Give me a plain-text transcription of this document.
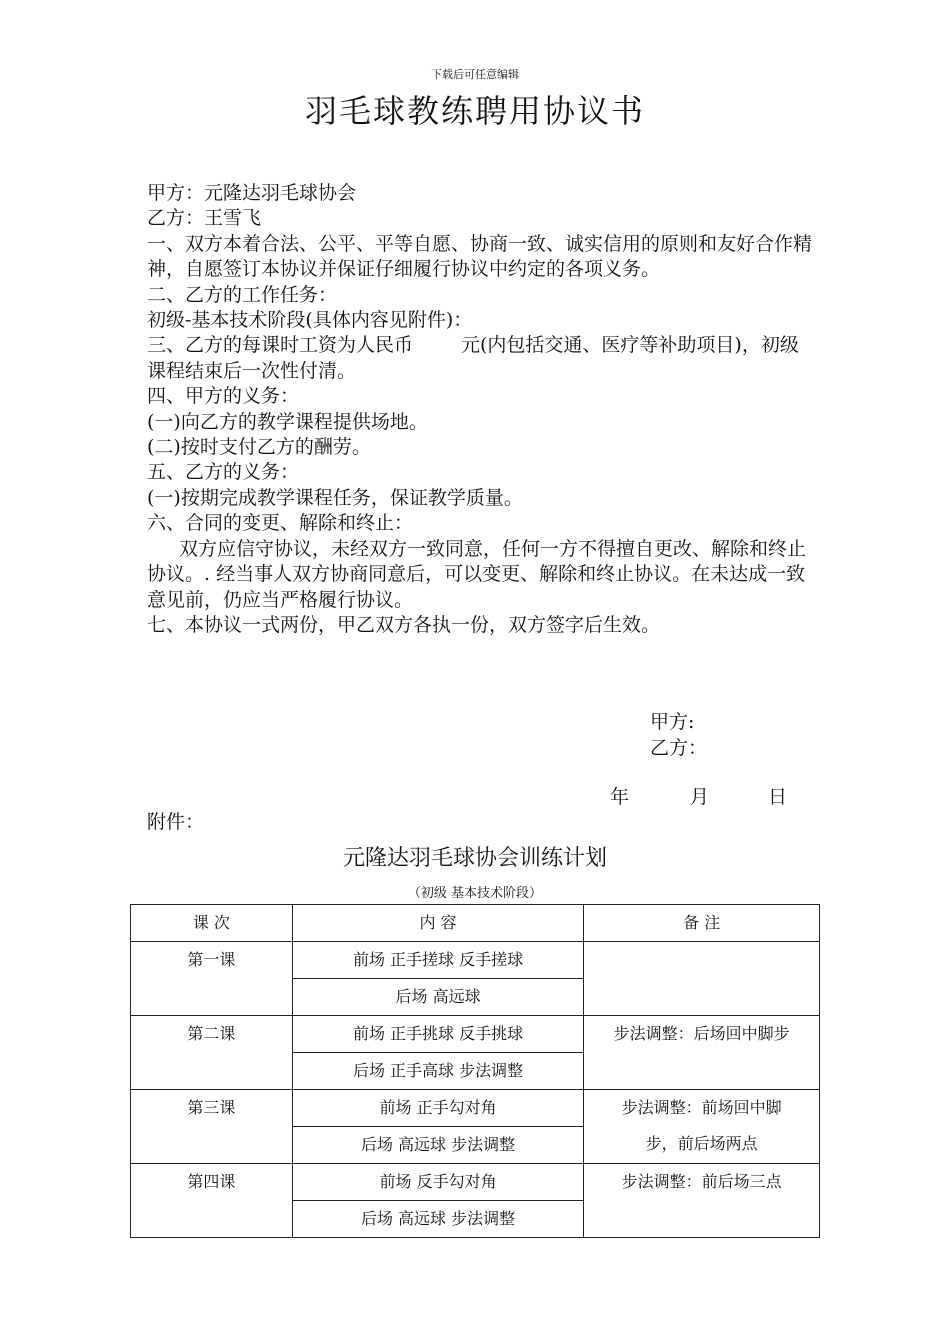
下载后可任意编辑
羽毛球教练聘用协议书
甲方：元隆达羽毛球协会
乙方：王雪飞
一、双方本着合法、公平、平等自愿、协商一致、诚实信用的原则和友好合作精神，自愿签订本协议并保证仔细履行协议中约定的各项义务。
二、乙方的工作任务：
初级-基本技术阶段(具体内容见附件)：
三、乙方的每课时工资为人民币	元(内包括交通、医疗等补助项目)，初级课程结束后一次性付清。
四、甲方的义务：
(一)向乙方的教学课程提供场地。
(二)按时支付乙方的酬劳。
五、乙方的义务：
(一)按期完成教学课程任务，保证教学质量。
六、合同的变更、解除和终止：
双方应信守协议，未经双方一致同意，任何一方不得擅自更改、解除和终止协议。. 经当事人双方协商同意后，可以变更、解除和终止协议。在未达成一致意见前，仍应当严格履行协议。
七、本协议一式两份，甲乙双方各执一份，双方签字后生效。
甲方:
乙方：
年	月	日
附件：
元隆达羽毛球协会训练计划
（初级 基本技术阶段）
课 次	内 容	备 注
第一课	前场 正手搓球 反手搓球	
	后场 高远球	
第二课	前场 正手挑球 反手挑球	步法调整：后场回中脚步
	后场 正手高球 步法调整	
第三课	前场 正手勾对角	步法调整：前场回中脚
步，前后场两点

	后场 高远球 步法调整	
第四课	前场 反手勾对角	步法调整：前后场三点
	后场 高远球 步法调整	
